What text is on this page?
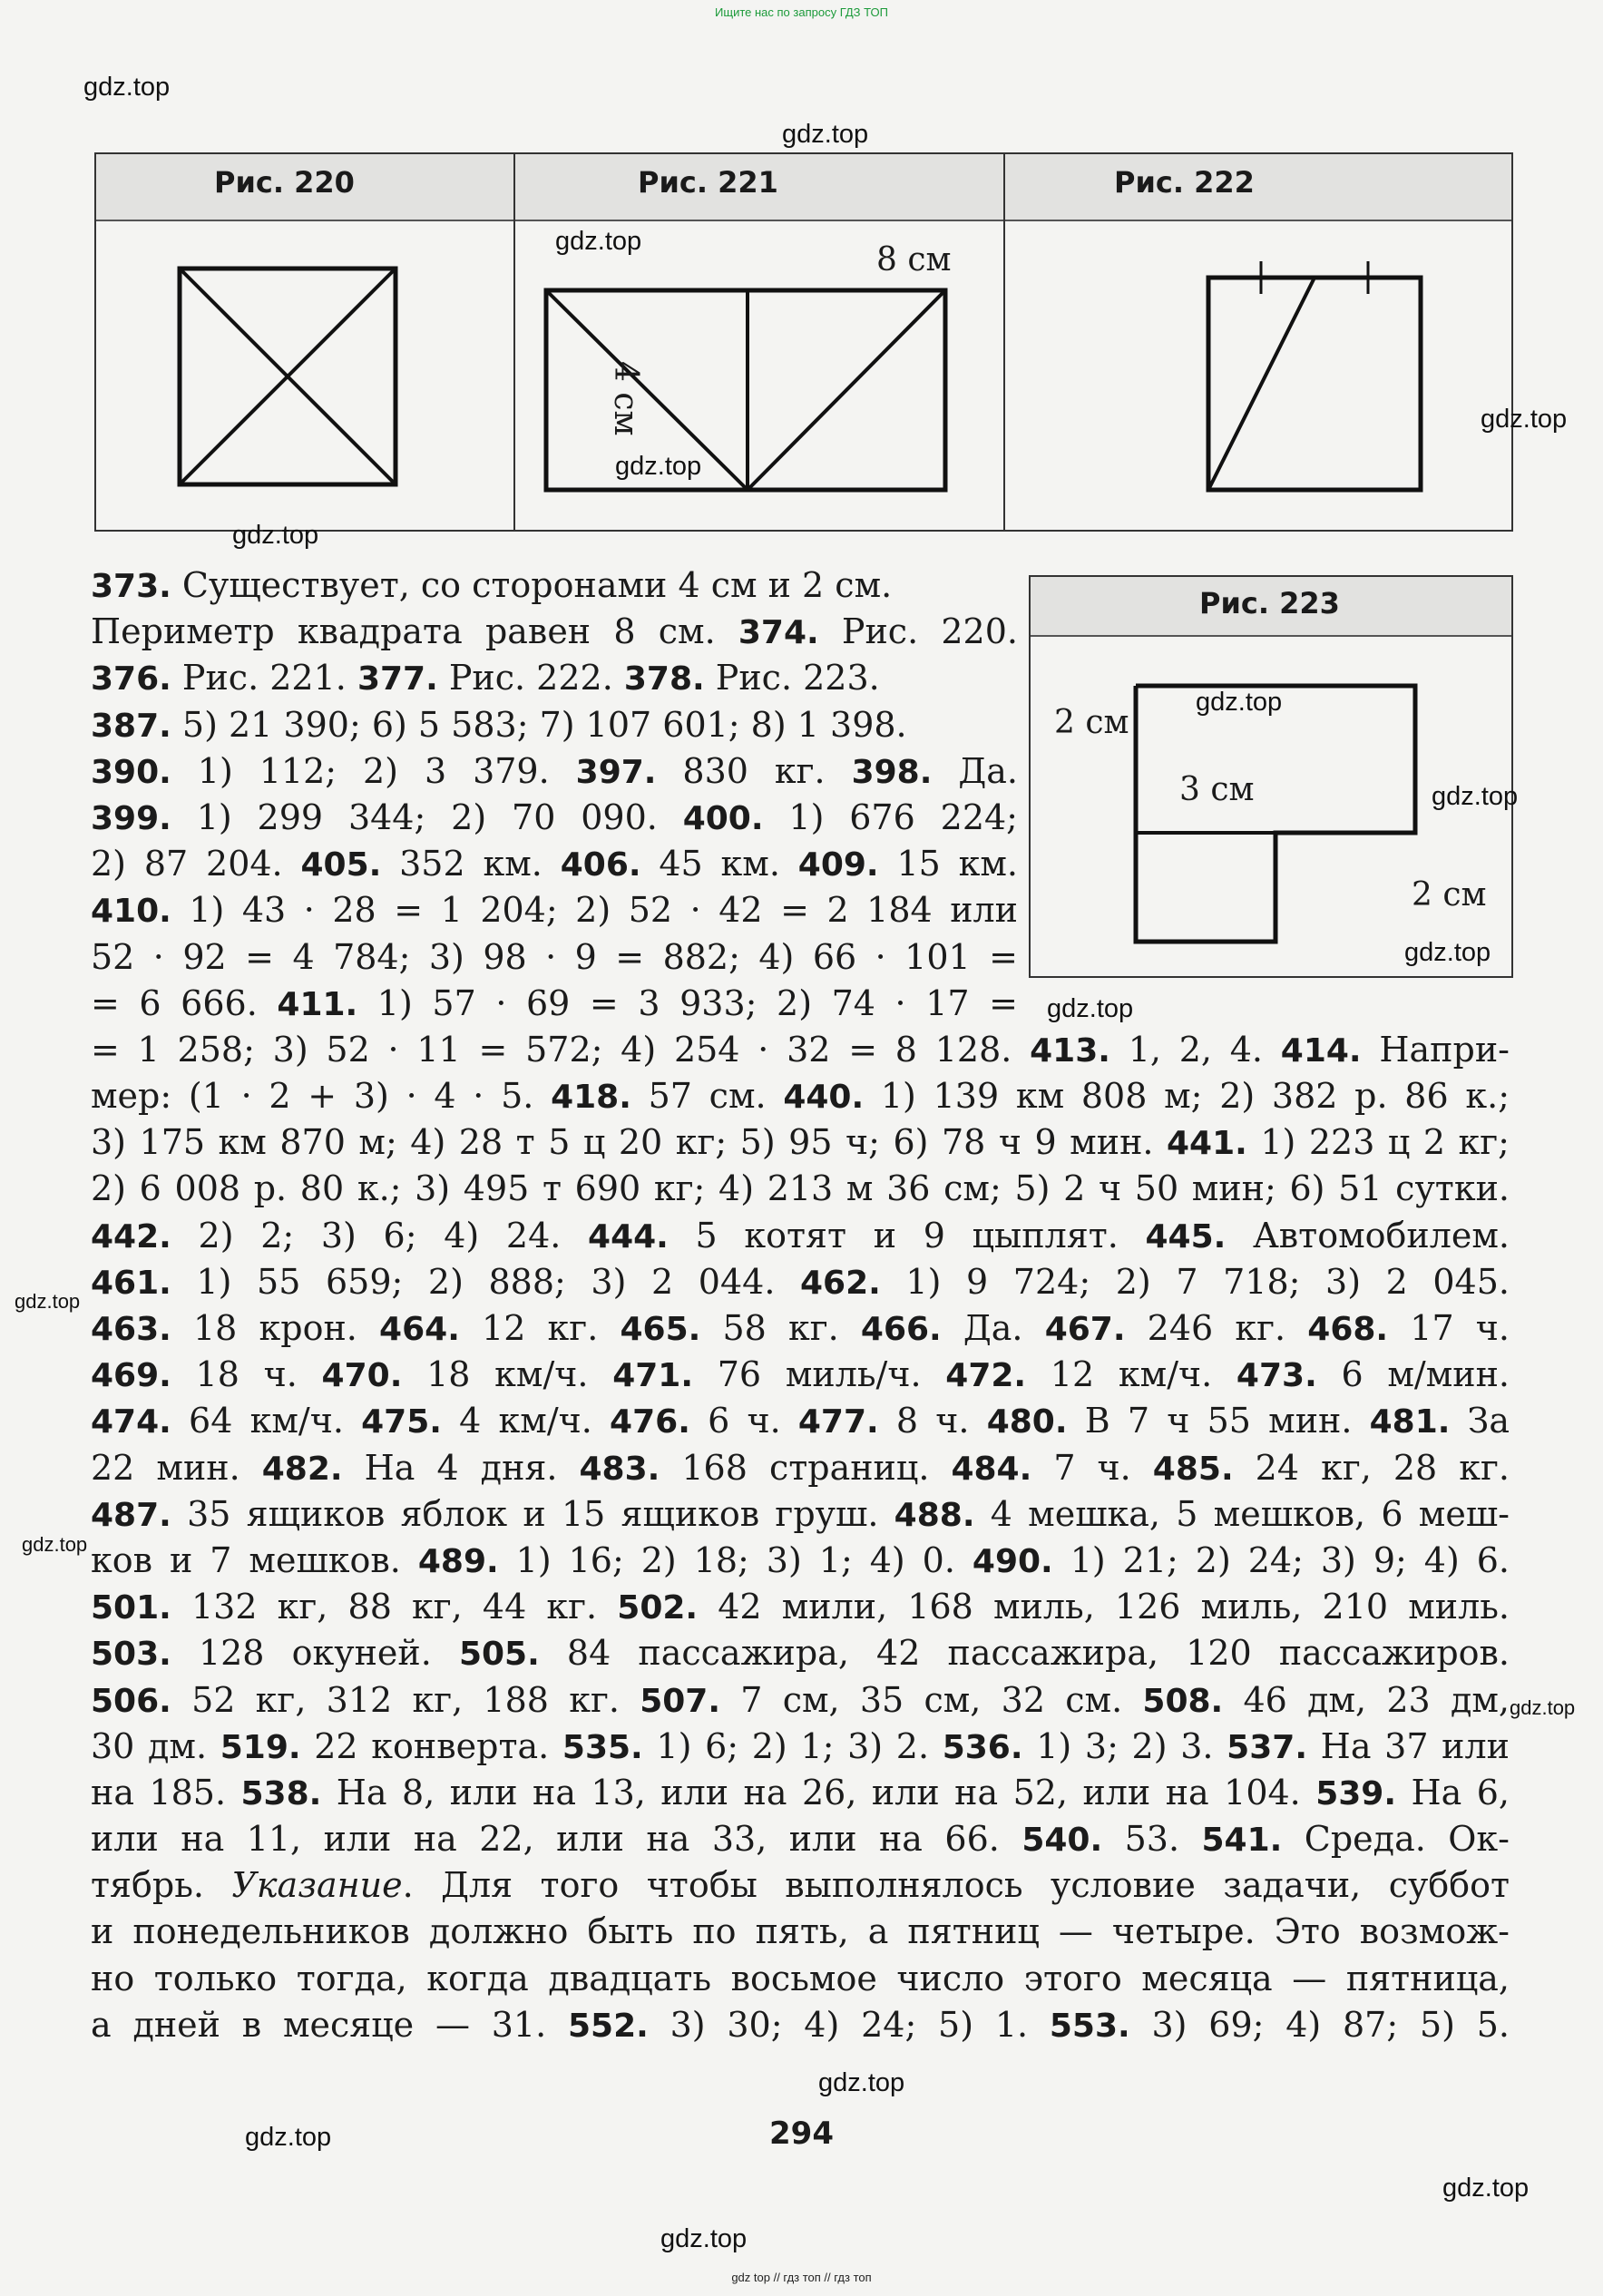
Ищите нас по запросу ГДЗ ТОП
Рис. 220	Рис. 221
8 см
4 см
Рис. 222
Рис. 223
2 см
3 см
2 см
373. Существует, со сторонами 4 см и 2 см.
Периметр квадрата равен 8 см. 374. Рис. 220.
376. Рис. 221. 377. Рис. 222. 378. Рис. 223.
387. 5) 21 390; 6) 5 583; 7) 107 601; 8) 1 398.
390. 1) 112; 2) 3 379. 397. 830 кг. 398. Да.
399. 1) 299 344; 2) 70 090. 400. 1) 676 224;
2) 87 204. 405. 352 км. 406. 45 км. 409. 15 км.
410. 1) 43 · 28 = 1 204; 2) 52 · 42 = 2 184 или
52 · 92 = 4 784; 3) 98 · 9 = 882; 4) 66 · 101 =
= 6 666. 411. 1) 57 · 69 = 3 933; 2) 74 · 17 =
= 1 258; 3) 52 · 11 = 572; 4) 254 · 32 = 8 128. 413. 1, 2, 4. 414. Напри-
мер: (1 · 2 + 3) · 4 · 5. 418. 57 см. 440. 1) 139 км 808 м; 2) 382 р. 86 к.;
3) 175 км 870 м; 4) 28 т 5 ц 20 кг; 5) 95 ч; 6) 78 ч 9 мин. 441. 1) 223 ц 2 кг;
2) 6 008 р. 80 к.; 3) 495 т 690 кг; 4) 213 м 36 см; 5) 2 ч 50 мин; 6) 51 сутки.
442. 2) 2; 3) 6; 4) 24. 444. 5 котят и 9 цыплят. 445. Автомобилем.
461. 1) 55 659; 2) 888; 3) 2 044. 462. 1) 9 724; 2) 7 718; 3) 2 045.
463. 18 крон. 464. 12 кг. 465. 58 кг. 466. Да. 467. 246 кг. 468. 17 ч.
469. 18 ч. 470. 18 км/ч. 471. 76 миль/ч. 472. 12 км/ч. 473. 6 м/мин.
474. 64 км/ч. 475. 4 км/ч. 476. 6 ч. 477. 8 ч. 480. В 7 ч 55 мин. 481. За
22 мин. 482. На 4 дня. 483. 168 страниц. 484. 7 ч. 485. 24 кг, 28 кг.
487. 35 ящиков яблок и 15 ящиков груш. 488. 4 мешка, 5 мешков, 6 меш-
ков и 7 мешков. 489. 1) 16; 2) 18; 3) 1; 4) 0. 490. 1) 21; 2) 24; 3) 9; 4) 6.
501. 132 кг, 88 кг, 44 кг. 502. 42 мили, 168 миль, 126 миль, 210 миль.
503. 128 окуней. 505. 84 пассажира, 42 пассажира, 120 пассажиров.
506. 52 кг, 312 кг, 188 кг. 507. 7 см, 35 см, 32 см. 508. 46 дм, 23 дм,
30 дм. 519. 22 конверта. 535. 1) 6; 2) 1; 3) 2. 536. 1) 3; 2) 3. 537. На 37 или
на 185. 538. На 8, или на 13, или на 26, или на 52, или на 104. 539. На 6,
или на 11, или на 22, или на 33, или на 66. 540. 53. 541. Среда. Ок-
тябрь. Указание. Для того чтобы выполнялось условие задачи, суббот
и понедельников должно быть по пять, а пятниц — четыре. Это возмож-
но только тогда, когда двадцать восьмое число этого месяца — пятница,
а дней в месяце — 31. 552. 3) 30; 4) 24; 5) 1. 553. 3) 69; 4) 87; 5) 5.
294
gdz.top
gdz.top
gdz.top
gdz.top
gdz.top
gdz.top
gdz.top
gdz.top
gdz.top
gdz.top
gdz.top
gdz.top
gdz.top
gdz.top
gdz.top
gdz.top
gdz.top
gdz top // гдз топ // гдз топ
